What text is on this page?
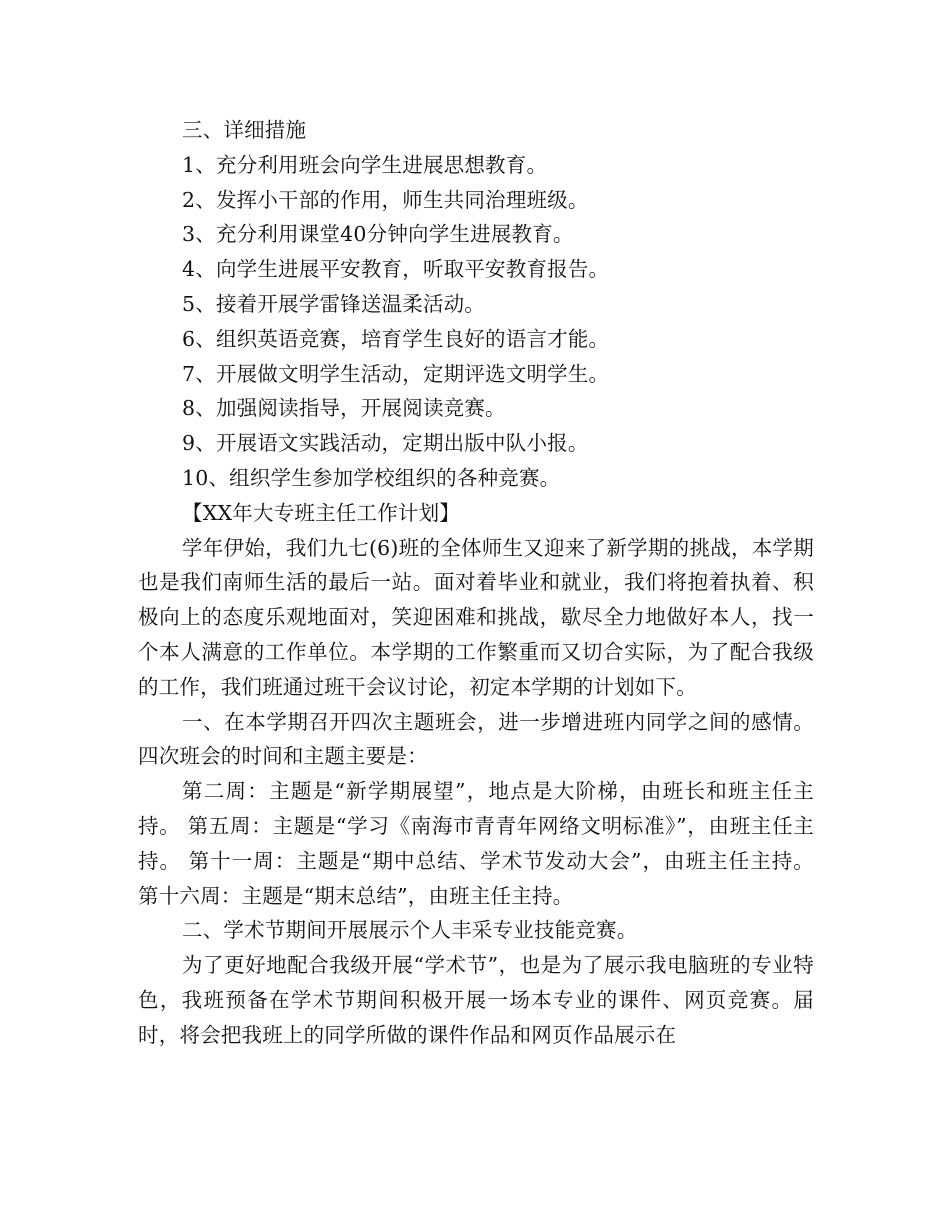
三、详细措施

1、充分利用班会向学生进展思想教育。

2、发挥小干部的作用，师生共同治理班级。

3、充分利用课堂40分钟向学生进展教育。

4、向学生进展平安教育，听取平安教育报告。

5、接着开展学雷锋送温柔活动。

6、组织英语竞赛，培育学生良好的语言才能。

7、开展做文明学生活动，定期评选文明学生。

8、加强阅读指导，开展阅读竞赛。

9、开展语文实践活动，定期出版中队小报。

10、组织学生参加学校组织的各种竞赛。

【XX年大专班主任工作计划】

学年伊始，我们九七(6)班的全体师生又迎来了新学期的挑战，本学期也是我们南师生活的最后一站。面对着毕业和就业，我们将抱着执着、积极向上的态度乐观地面对，笑迎困难和挑战，歇尽全力地做好本人，找一个本人满意的工作单位。本学期的工作繁重而又切合实际，为了配合我级的工作，我们班通过班干会议讨论，初定本学期的计划如下。

一、在本学期召开四次主题班会，进一步增进班内同学之间的感情。四次班会的时间和主题主要是：

第二周：主题是“新学期展望”，地点是大阶梯，由班长和班主任主持。 第五周：主题是“学习《南海市青青年网络文明标准》”，由班主任主持。 第十一周：主题是“期中总结、学术节发动大会”，由班主任主持。 第十六周：主题是“期末总结”，由班主任主持。

二、学术节期间开展展示个人丰采专业技能竞赛。

为了更好地配合我级开展“学术节”，也是为了展示我电脑班的专业特色，我班预备在学术节期间积极开展一场本专业的课件、网页竞赛。届时，将会把我班上的同学所做的课件作品和网页作品展示在
